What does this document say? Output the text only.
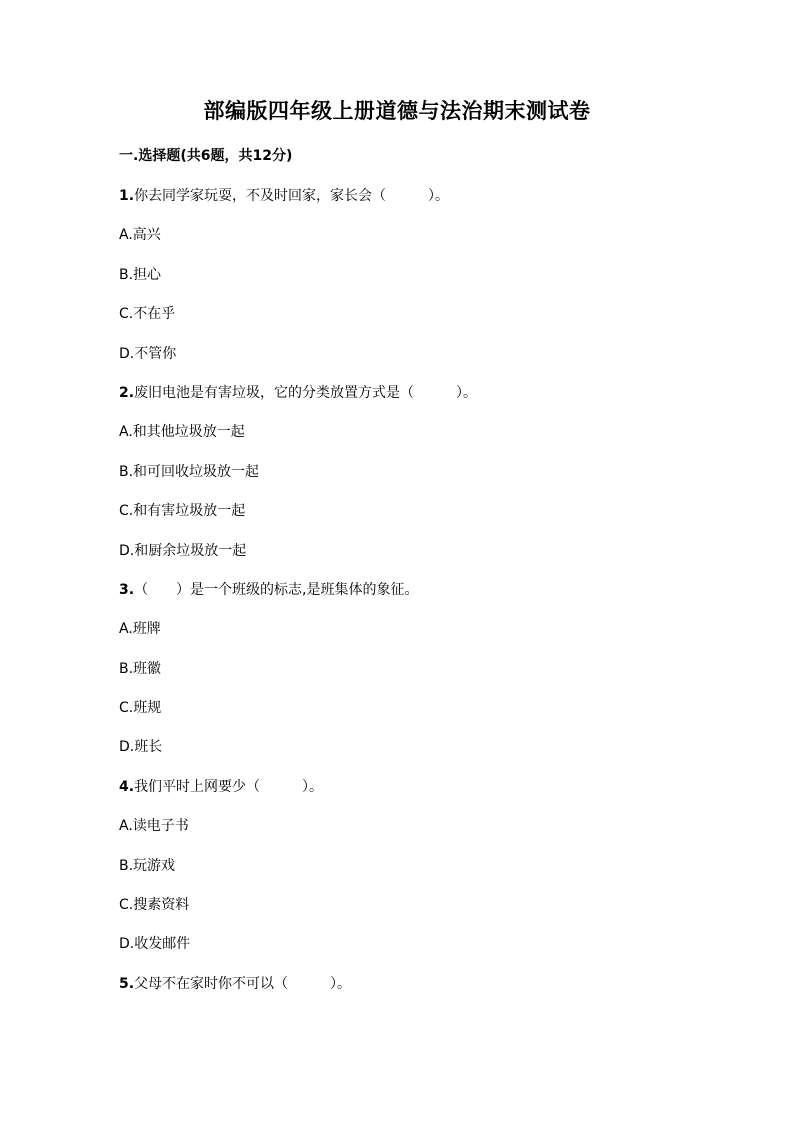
部编版四年级上册道德与法治期末测试卷
一.选择题(共6题，共12分)
1.你去同学家玩耍，不及时回家，家长会（　　　）。
A.高兴
B.担心
C.不在乎
D.不管你
2.废旧电池是有害垃圾，它的分类放置方式是（　　　）。
A.和其他垃圾放一起
B.和可回收垃圾放一起
C.和有害垃圾放一起
D.和厨余垃圾放一起
3.（　　）是一个班级的标志,是班集体的象征。
A.班牌
B.班徽
C.班规
D.班长
4.我们平时上网要少（　　　）。
A.读电子书
B.玩游戏
C.搜素资料
D.收发邮件
5.父母不在家时你不可以（　　　）。
